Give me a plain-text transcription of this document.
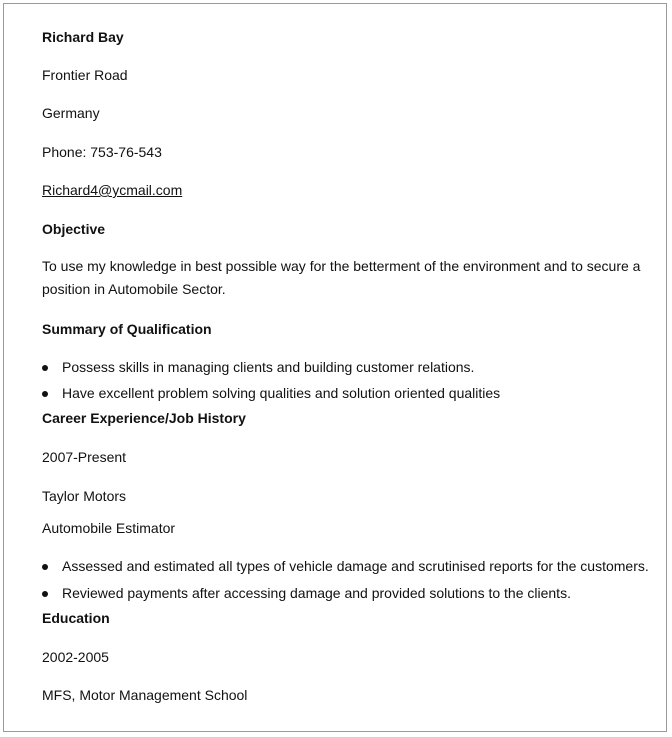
Richard Bay
Frontier Road
Germany
Phone: 753-76-543
Richard4@ycmail.com
Objective
To use my knowledge in best possible way for the betterment of the environment and to secure a position in Automobile Sector.
Summary of Qualification
Possess skills in managing clients and building customer relations.
Have excellent problem solving qualities and solution oriented qualities
Career Experience/Job History
2007-Present
Taylor Motors
Automobile Estimator
Assessed and estimated all types of vehicle damage and scrutinised reports for the customers.
Reviewed payments after accessing damage and provided solutions to the clients.
Education
2002-2005
MFS, Motor Management School
